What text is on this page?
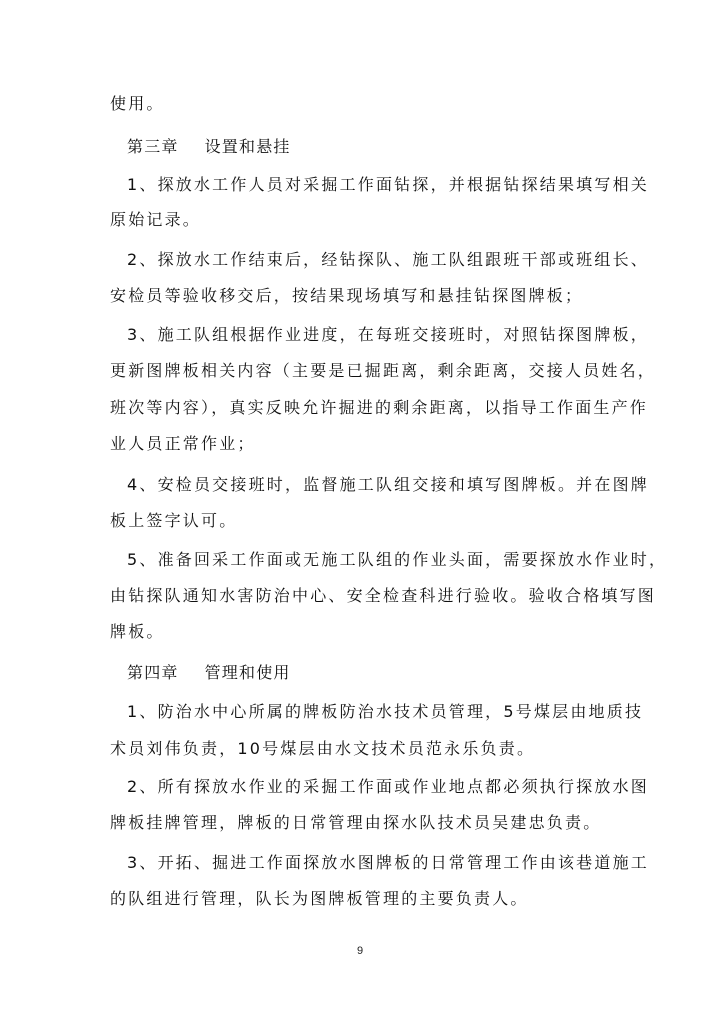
使用。
第三章 设置和悬挂
1、探放水工作人员对采掘工作面钻探，并根据钻探结果填写相关
原始记录。
2、探放水工作结束后，经钻探队、施工队组跟班干部或班组长、
安检员等验收移交后，按结果现场填写和悬挂钻探图牌板；
3、施工队组根据作业进度，在每班交接班时，对照钻探图牌板，
更新图牌板相关内容（主要是已掘距离，剩余距离，交接人员姓名，
班次等内容），真实反映允许掘进的剩余距离，以指导工作面生产作
业人员正常作业；
4、安检员交接班时，监督施工队组交接和填写图牌板。并在图牌
板上签字认可。
5、准备回采工作面或无施工队组的作业头面，需要探放水作业时，
由钻探队通知水害防治中心、安全检查科进行验收。验收合格填写图
牌板。
第四章 管理和使用
1、防治水中心所属的牌板防治水技术员管理，5号煤层由地质技
术员刘伟负责，10号煤层由水文技术员范永乐负责。
2、所有探放水作业的采掘工作面或作业地点都必须执行探放水图
牌板挂牌管理，牌板的日常管理由探水队技术员吴建忠负责。
3、开拓、掘进工作面探放水图牌板的日常管理工作由该巷道施工
的队组进行管理，队长为图牌板管理的主要负责人。
9
